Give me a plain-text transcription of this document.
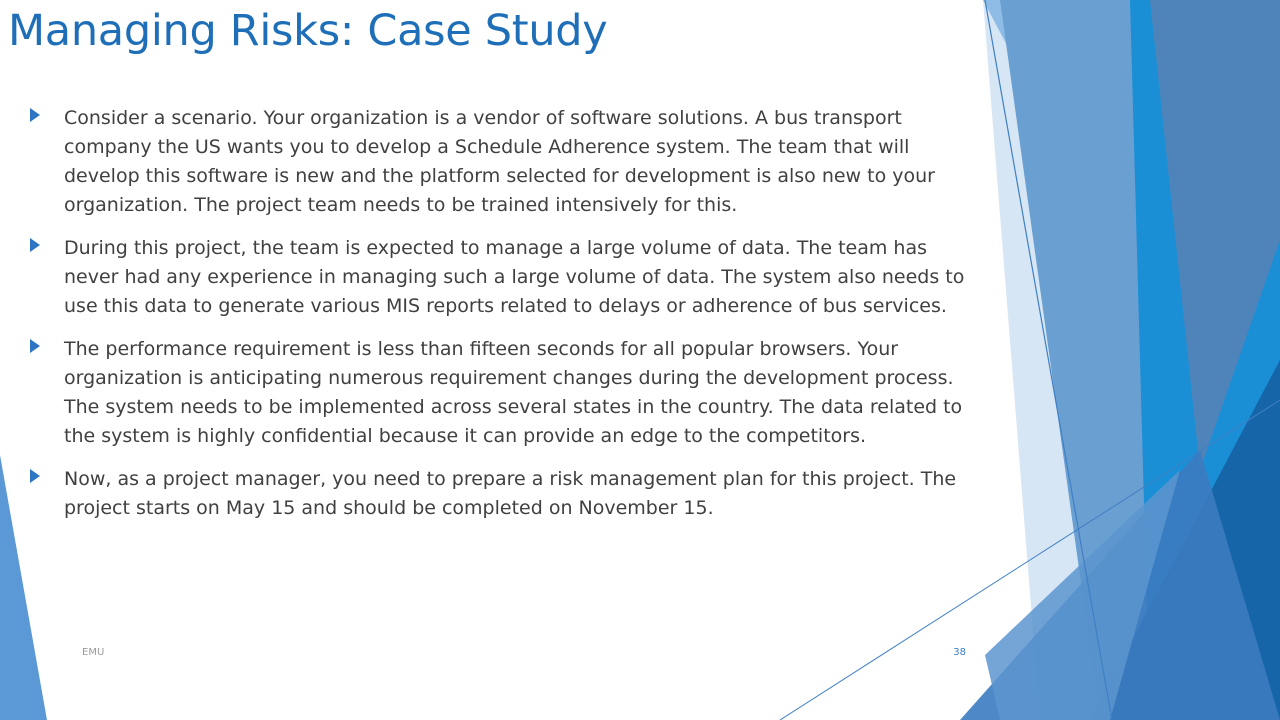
Managing Risks: Case Study
Consider a scenario. Your organization is a vendor of software solutions. A bus transport company the US wants you to develop a Schedule Adherence system. The team that will develop this software is new and the platform selected for development is also new to your organization. The project team needs to be trained intensively for this.
During this project, the team is expected to manage a large volume of data. The team has never had any experience in managing such a large volume of data. The system also needs to use this data to generate various MIS reports related to delays or adherence of bus services.
The performance requirement is less than fifteen seconds for all popular browsers. Your organization is anticipating numerous requirement changes during the development process. The system needs to be implemented across several states in the country. The data related to the system is highly confidential because it can provide an edge to the competitors.
Now, as a project manager, you need to prepare a risk management plan for this project. The project starts on May 15 and should be completed on November 15.
EMU	38
